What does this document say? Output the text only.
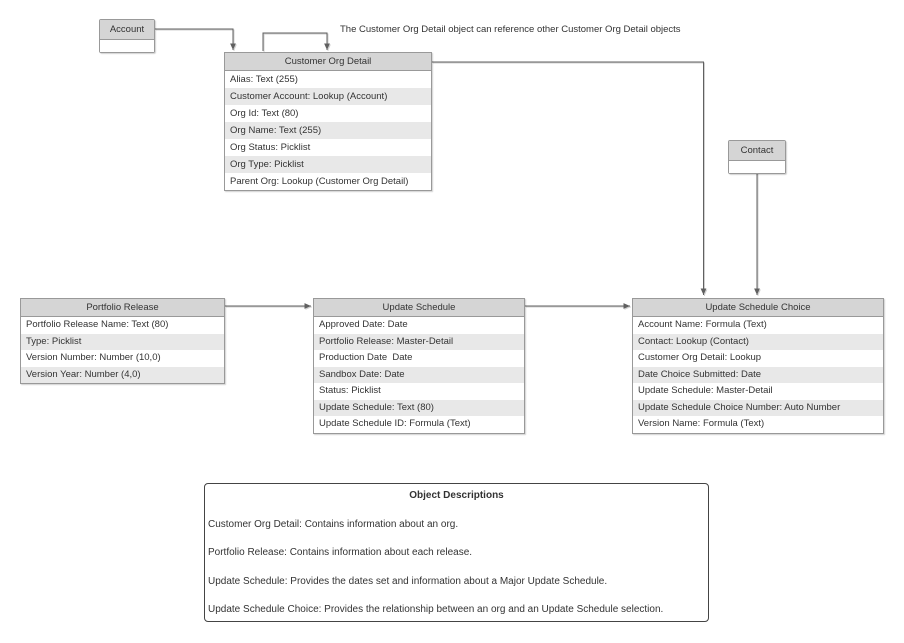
The Customer Org Detail object can reference other Customer Org Detail objects
Account
Contact
Customer Org Detail
Alias: Text (255)
Customer Account: Lookup (Account)
Org Id: Text (80)
Org Name: Text (255)
Org Status: Picklist
Org Type: Picklist
Parent Org: Lookup (Customer Org Detail)
Portfolio Release
Portfolio Release Name: Text (80)
Type: Picklist
Version Number: Number (10,0)
Version Year: Number (4,0)
Update Schedule
Approved Date: Date
Portfolio Release: Master-Detail
Production Date  Date
Sandbox Date: Date
Status: Picklist
Update Schedule: Text (80)
Update Schedule ID: Formula (Text)
Update Schedule Choice
Account Name: Formula (Text)
Contact: Lookup (Contact)
Customer Org Detail: Lookup
Date Choice Submitted: Date
Update Schedule: Master-Detail
Update Schedule Choice Number: Auto Number
Version Name: Formula (Text)
Object Descriptions
Customer Org Detail: Contains information about an org.
Portfolio Release: Contains information about each release.
Update Schedule: Provides the dates set and information about a Major Update Schedule.
Update Schedule Choice: Provides the relationship between an org and an Update Schedule selection.
